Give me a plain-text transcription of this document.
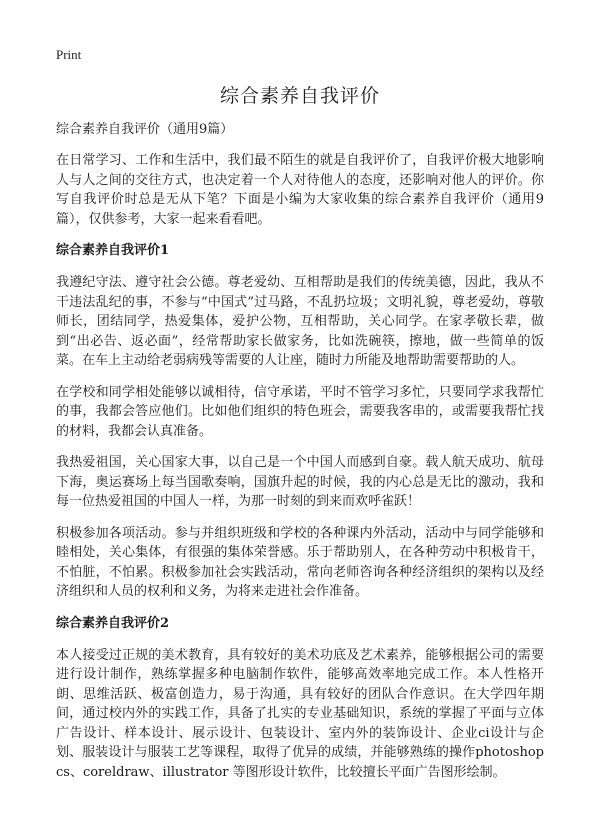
Print
综合素养自我评价

综合素养自我评价（通用9篇）

在日常学习、工作和生活中，我们最不陌生的就是自我评价了，自我评价极大地影响人与人之间的交往方式，也决定着一个人对待他人的态度，还影响对他人的评价。你写自我评价时总是无从下笔？下面是小编为大家收集的综合素养自我评价（通用9篇），仅供参考，大家一起来看看吧。

综合素养自我评价1

我遵纪守法、遵守社会公德。尊老爱幼、互相帮助是我们的传统美德，因此，我从不干违法乱纪的事，不参与“中国式”过马路，不乱扔垃圾；文明礼貌，尊老爱幼，尊敬师长，团结同学，热爱集体，爱护公物，互相帮助，关心同学。在家孝敬长辈，做到“出必告、返必面”，经常帮助家长做家务，比如洗碗筷，擦地，做一些简单的饭菜。在车上主动给老弱病残等需要的人让座，随时力所能及地帮助需要帮助的人。

在学校和同学相处能够以诚相待，信守承诺，平时不管学习多忙，只要同学求我帮忙的事，我都会答应他们。比如他们组织的特色班会，需要我客串的，或需要我帮忙找的材料，我都会认真准备。

我热爱祖国，关心国家大事，以自己是一个中国人而感到自豪。载人航天成功、航母下海，奥运赛场上每当国歌奏响，国旗升起的时候，我的内心总是无比的激动，我和每一位热爱祖国的中国人一样，为那一时刻的到来而欢呼雀跃！

积极参加各项活动。参与并组织班级和学校的各种课内外活动，活动中与同学能够和睦相处，关心集体，有很强的集体荣誉感。乐于帮助别人，在各种劳动中积极肯干，不怕脏，不怕累。积极参加社会实践活动，常向老师咨询各种经济组织的架构以及经济组织和人员的权利和义务，为将来走进社会作准备。

综合素养自我评价2

本人接受过正规的美术教育，具有较好的美术功底及艺术素养，能够根据公司的需要进行设计制作，熟练掌握多种电脑制作软件，能够高效率地完成工作。本人性格开朗、思维活跃、极富创造力，易于沟通，具有较好的团队合作意识。在大学四年期间，通过校内外的实践工作，具备了扎实的专业基础知识，系统的掌握了平面与立体广告设计、样本设计、展示设计、包装设计、室内外的装饰设计、企业ci设计与企划、服装设计与服装工艺等课程，取得了优异的成绩，并能够熟练的操作photoshop cs、coreldraw、illustrator 等图形设计软件，比较擅长平面广告图形绘制。
